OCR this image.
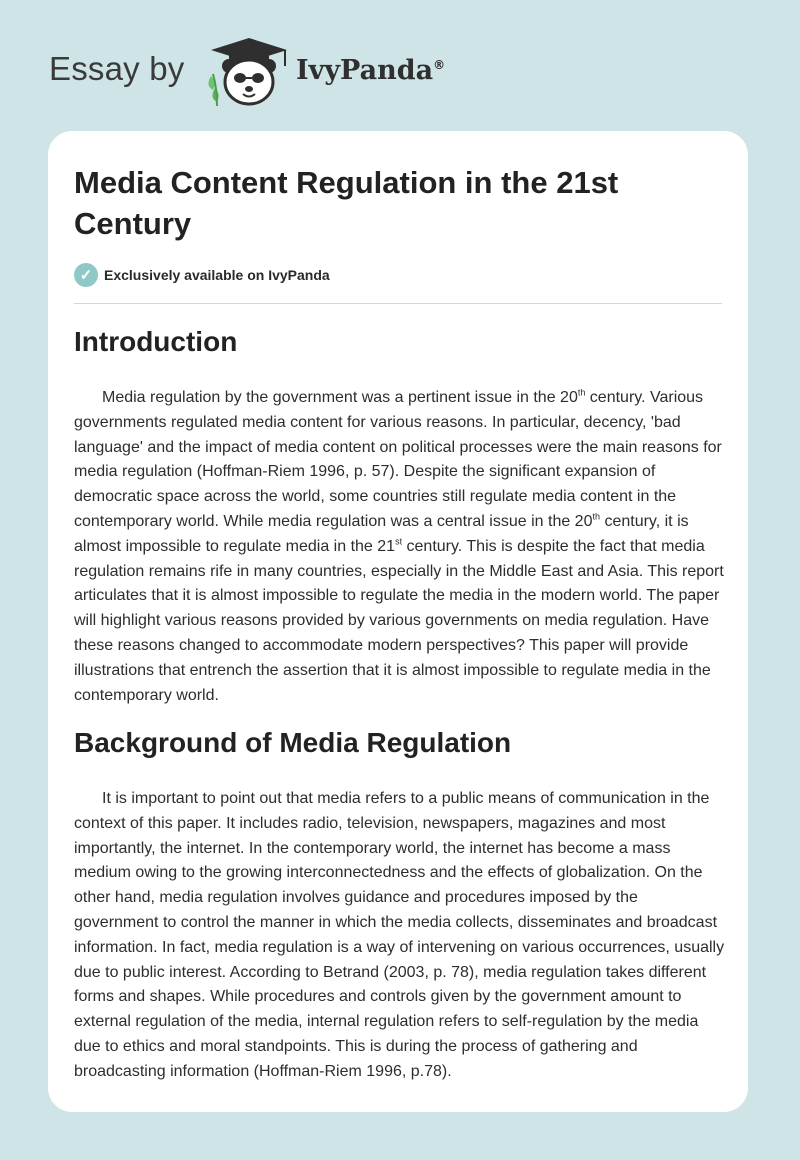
Essay by	IvyPanda®
Media Content Regulation in the 21st Century
✓ Exclusively available on IvyPanda
Introduction

Media regulation by the government was a pertinent issue in the 20th century. Various governments regulated media content for various reasons. In particular, decency, 'bad language' and the impact of media content on political processes were the main reasons for media regulation (Hoffman-Riem 1996, p. 57). Despite the significant expansion of democratic space across the world, some countries still regulate media content in the contemporary world. While media regulation was a central issue in the 20th century, it is almost impossible to regulate media in the 21st century. This is despite the fact that media regulation remains rife in many countries, especially in the Middle East and Asia. This report articulates that it is almost impossible to regulate the media in the modern world. The paper will highlight various reasons provided by various governments on media regulation. Have these reasons changed to accommodate modern perspectives? This paper will provide illustrations that entrench the assertion that it is almost impossible to regulate media in the contemporary world.

Background of Media Regulation

It is important to point out that media refers to a public means of communication in the context of this paper. It includes radio, television, newspapers, magazines and most importantly, the internet. In the contemporary world, the internet has become a mass medium owing to the growing interconnectedness and the effects of globalization. On the other hand, media regulation involves guidance and procedures imposed by the government to control the manner in which the media collects, disseminates and broadcast information. In fact, media regulation is a way of intervening on various occurrences, usually due to public interest. According to Betrand (2003, p. 78), media regulation takes different forms and shapes. While procedures and controls given by the government amount to external regulation of the media, internal regulation refers to self-regulation by the media due to ethics and moral standpoints. This is during the process of gathering and broadcasting information (Hoffman-Riem 1996, p.78).
